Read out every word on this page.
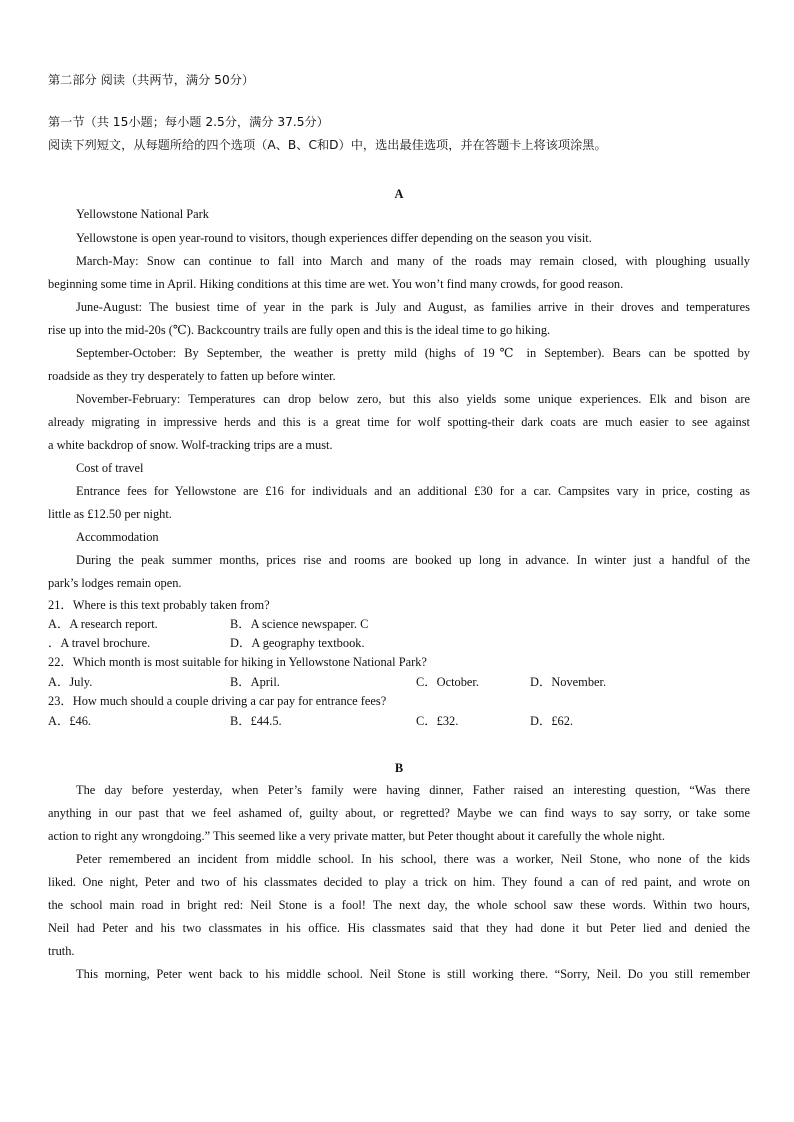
第二部分 阅读（共两节，满分 50分）
第一节（共 15小题；每小题 2.5分，满分 37.5分）
阅读下列短文，从每题所给的四个选项（A、B、C和D）中，选出最佳选项，并在答题卡上将该项涂黑。
A
Yellowstone National Park
Yellowstone is open year-round to visitors, though experiences differ depending on the season you visit.
March-May: Snow can continue to fall into March and many of the roads may remain closed, with ploughing usually
beginning some time in April. Hiking conditions at this time are wet. You won’t find many crowds, for good reason.
June-August: The busiest time of year in the park is July and August, as families arrive in their droves and temperatures
rise up into the mid-20s (℃). Backcountry trails are fully open and this is the ideal time to go hiking.
September-October: By September, the weather is pretty mild (highs of 19℃ in September). Bears can be spotted by
roadside as they try desperately to fatten up before winter.
November-February: Temperatures can drop below zero, but this also yields some unique experiences. Elk and bison are
already migrating in impressive herds and this is a great time for wolf spotting-their dark coats are much easier to see against
a white backdrop of snow. Wolf-tracking trips are a must.
Cost of travel
Entrance fees for Yellowstone are £16 for individuals and an additional £30 for a car. Campsites vary in price, costing as
little as £12.50 per night.
Accommodation
During the peak summer months, prices rise and rooms are booked up long in advance. In winter just a handful of the
park’s lodges remain open.
21．Where is this text probably taken from?
A．A research report.	B．A science newspaper. C
．A travel brochure.	D．A geography textbook.
22．Which month is most suitable for hiking in Yellowstone National Park?
A．July.	B．April.	C．October.	D．November.
23．How much should a couple driving a car pay for entrance fees?
A．£46.	B．£44.5.	C．£32.	D．£62.
B
The day before yesterday, when Peter’s family were having dinner, Father raised an interesting question, “Was there
anything in our past that we feel ashamed of, guilty about, or regretted? Maybe we can find ways to say sorry, or take some
action to right any wrongdoing.” This seemed like a very private matter, but Peter thought about it carefully the whole night.
Peter remembered an incident from middle school. In his school, there was a worker, Neil Stone, who none of the kids
liked. One night, Peter and two of his classmates decided to play a trick on him. They found a can of red paint, and wrote on
the school main road in bright red: Neil Stone is a fool! The next day, the whole school saw these words. Within two hours,
Neil had Peter and his two classmates in his office. His classmates said that they had done it but Peter lied and denied the
truth.
This morning, Peter went back to his middle school. Neil Stone is still working there. “Sorry, Neil. Do you still remember
